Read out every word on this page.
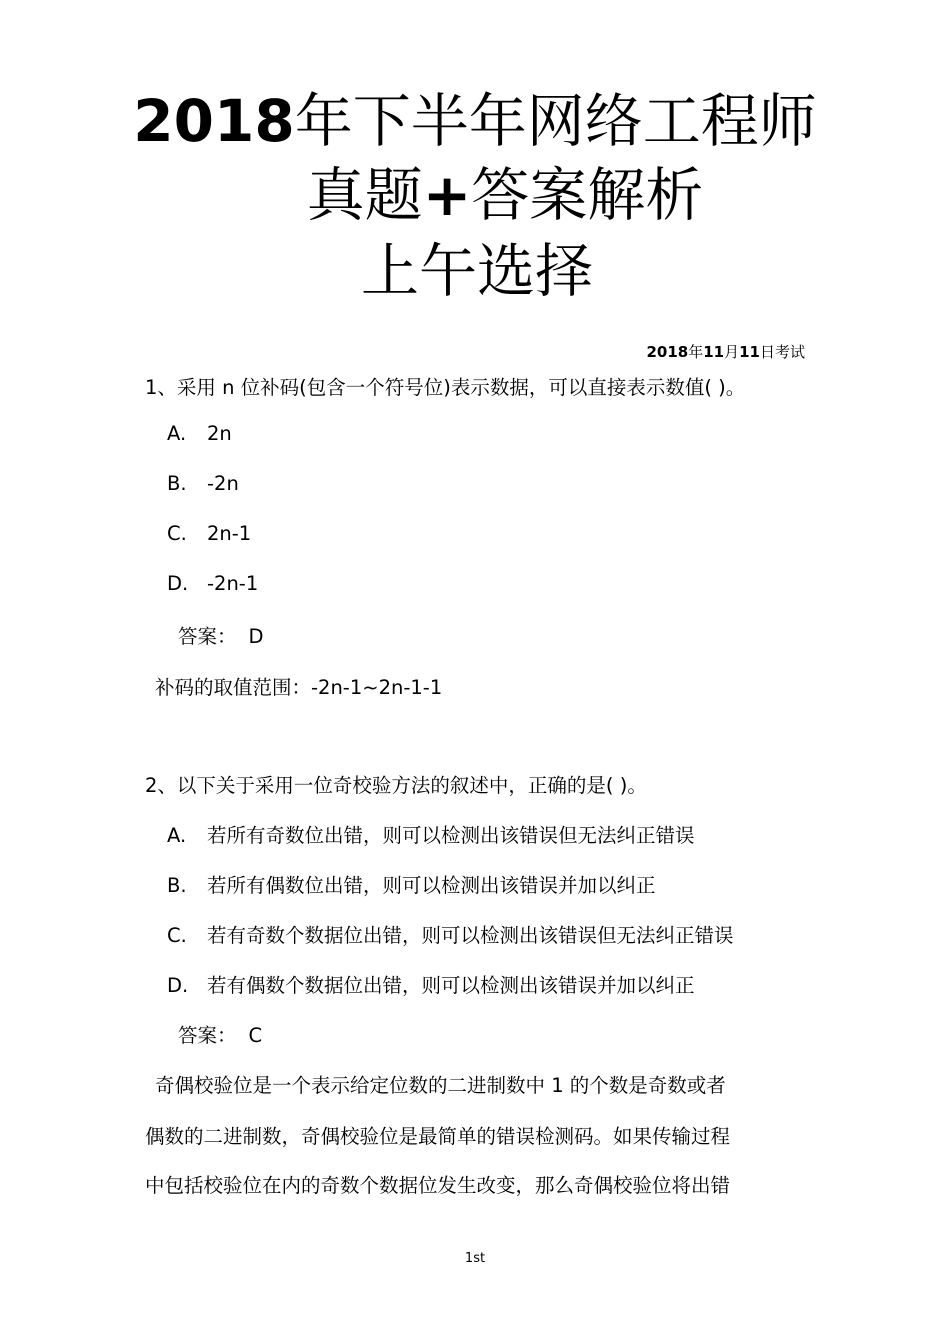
2018年下半年网络工程师
真题+答案解析
上午选择
2018年11月11日考试
1、采用 n 位补码(包含一个符号位)表示数据，可以直接表示数值( )。
A. 2n
B. -2n
C. 2n-1
D. -2n-1
答案： D
补码的取值范围：-2n-1~2n-1-1
2、以下关于采用一位奇校验方法的叙述中，正确的是( )。
A. 若所有奇数位出错，则可以检测出该错误但无法纠正错误
B. 若所有偶数位出错，则可以检测出该错误并加以纠正
C. 若有奇数个数据位出错，则可以检测出该错误但无法纠正错误
D. 若有偶数个数据位出错，则可以检测出该错误并加以纠正
答案： C
奇偶校验位是一个表示给定位数的二进制数中 1 的个数是奇数或者
偶数的二进制数，奇偶校验位是最简单的错误检测码。如果传输过程
中包括校验位在内的奇数个数据位发生改变，那么奇偶校验位将出错
1st
